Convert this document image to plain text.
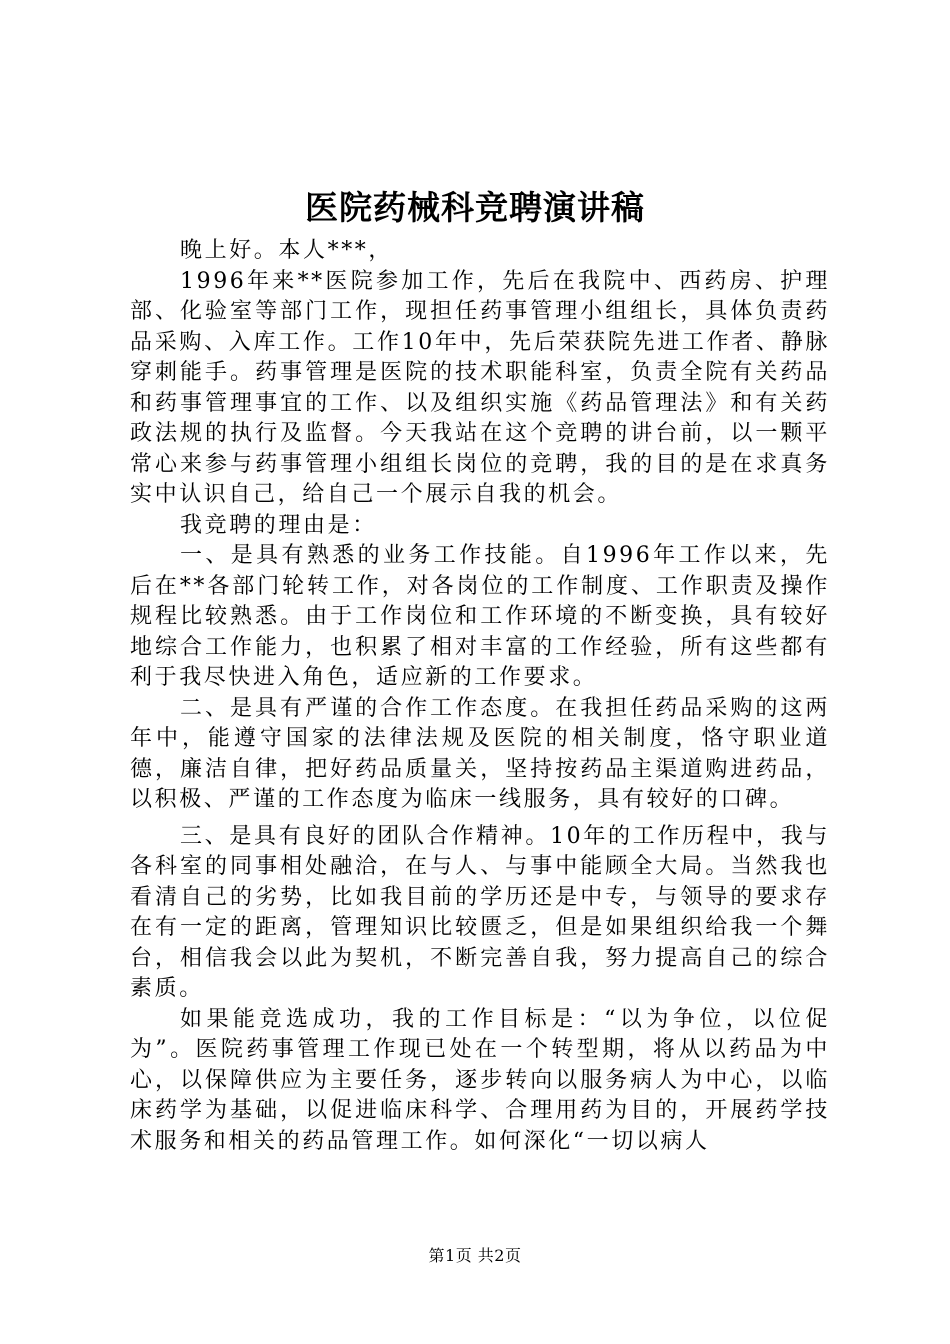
医院药械科竞聘演讲稿

晚上好。本人***，

1996年来**医院参加工作，先后在我院中、西药房、护理部、化验室等部门工作，现担任药事管理小组组长，具体负责药品采购、入库工作。工作10年中，先后荣获院先进工作者、静脉穿刺能手。药事管理是医院的技术职能科室，负责全院有关药品和药事管理事宜的工作、以及组织实施《药品管理法》和有关药政法规的执行及监督。今天我站在这个竞聘的讲台前，以一颗平常心来参与药事管理小组组长岗位的竞聘，我的目的是在求真务实中认识自己，给自己一个展示自我的机会。

我竞聘的理由是：

一、是具有熟悉的业务工作技能。自1996年工作以来，先后在**各部门轮转工作，对各岗位的工作制度、工作职责及操作规程比较熟悉。由于工作岗位和工作环境的不断变换，具有较好地综合工作能力，也积累了相对丰富的工作经验，所有这些都有利于我尽快进入角色，适应新的工作要求。

二、是具有严谨的合作工作态度。在我担任药品采购的这两年中，能遵守国家的法律法规及医院的相关制度，恪守职业道德，廉洁自律，把好药品质量关，坚持按药品主渠道购进药品，以积极、严谨的工作态度为临床一线服务，具有较好的口碑。

三、是具有良好的团队合作精神。10年的工作历程中，我与各科室的同事相处融洽，在与人、与事中能顾全大局。当然我也看清自己的劣势，比如我目前的学历还是中专，与领导的要求存在有一定的距离，管理知识比较匮乏，但是如果组织给我一个舞台，相信我会以此为契机，不断完善自我，努力提高自己的综合素质。

如果能竞选成功，我的工作目标是：“以为争位，以位促为”。医院药事管理工作现已处在一个转型期，将从以药品为中心，以保障供应为主要任务，逐步转向以服务病人为中心，以临床药学为基础，以促进临床科学、合理用药为目的，开展药学技术服务和相关的药品管理工作。如何深化“一切以病人

第1页 共2页
